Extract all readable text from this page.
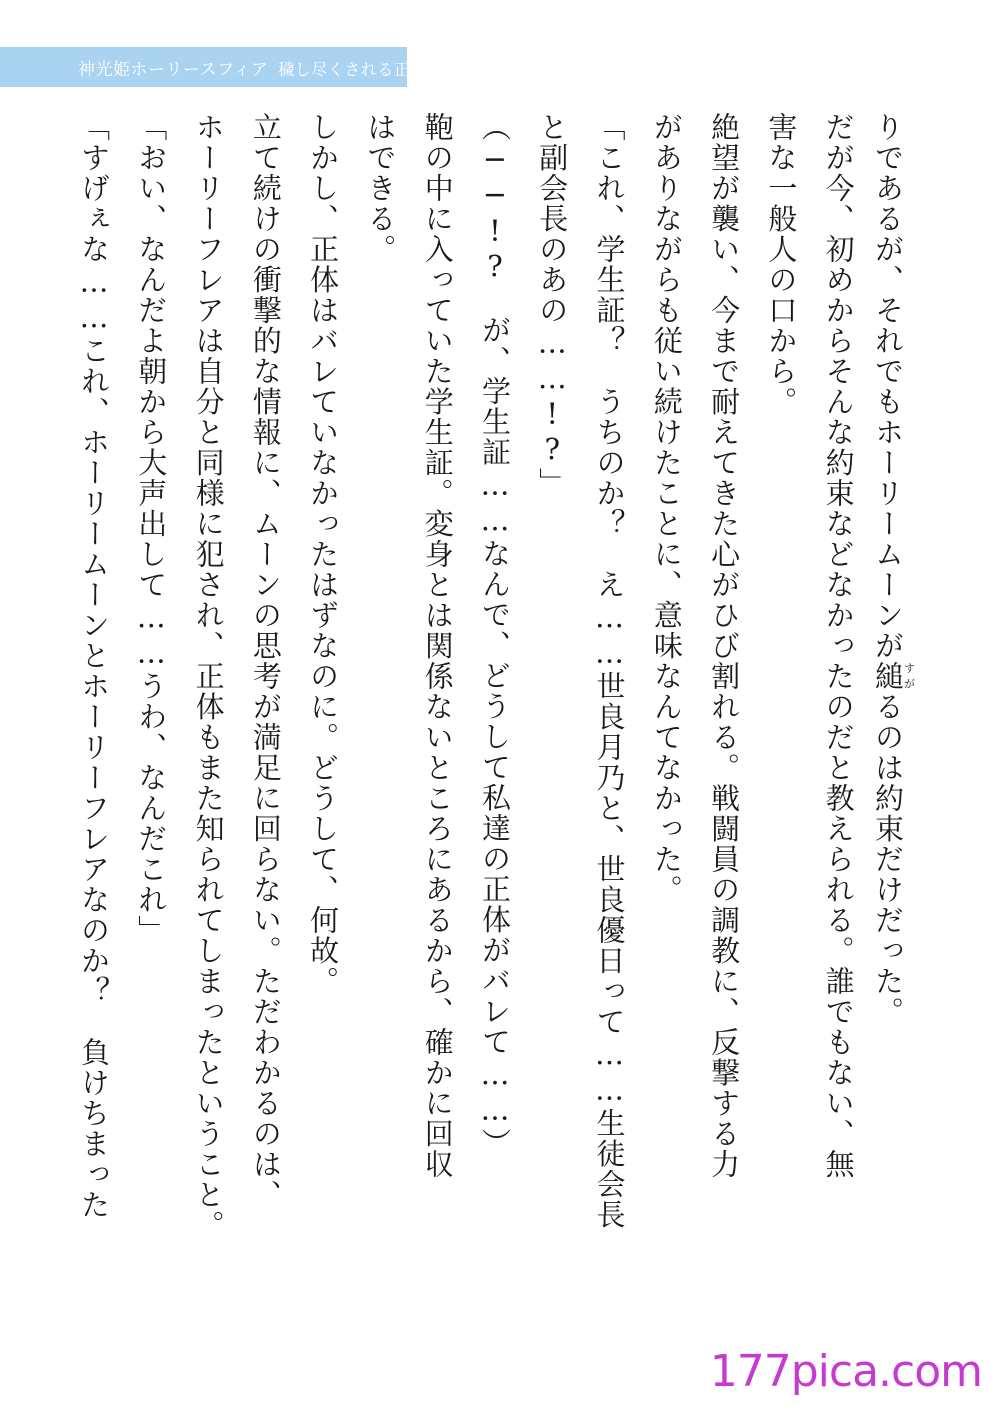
神光姫ホーリースフィア 穢し尽くされる正義
りであるが、それでもホーリームーンが縋すがるのは約束だけだった。
だが今、初めからそんな約束などなかったのだと教えられる。誰でもない、無
害な一般人の口から。
絶望が襲い、今まで耐えてきた心がひび割れる。戦闘員の調教に、反撃する力
がありながらも従い続けたことに、意味なんてなかった。
「これ、学生証？　うちのか？　え……世良月乃と、世良優日って……生徒会長
と副会長のあの……!?」
（──!?　が、学生証……なんで、どうして私達の正体がバレて……）
鞄の中に入っていた学生証。変身とは関係ないところにあるから、確かに回収
はできる。
しかし、正体はバレていなかったはずなのに。どうして、何故。
立て続けの衝撃的な情報に、ムーンの思考が満足に回らない。ただわかるのは、
ホーリーフレアは自分と同様に犯され、正体もまた知られてしまったということ。
「おい、なんだよ朝から大声出して……うわ、なんだこれ」
「すげぇな……これ、ホーリームーンとホーリーフレアなのか？　負けちまった
177pica.com
